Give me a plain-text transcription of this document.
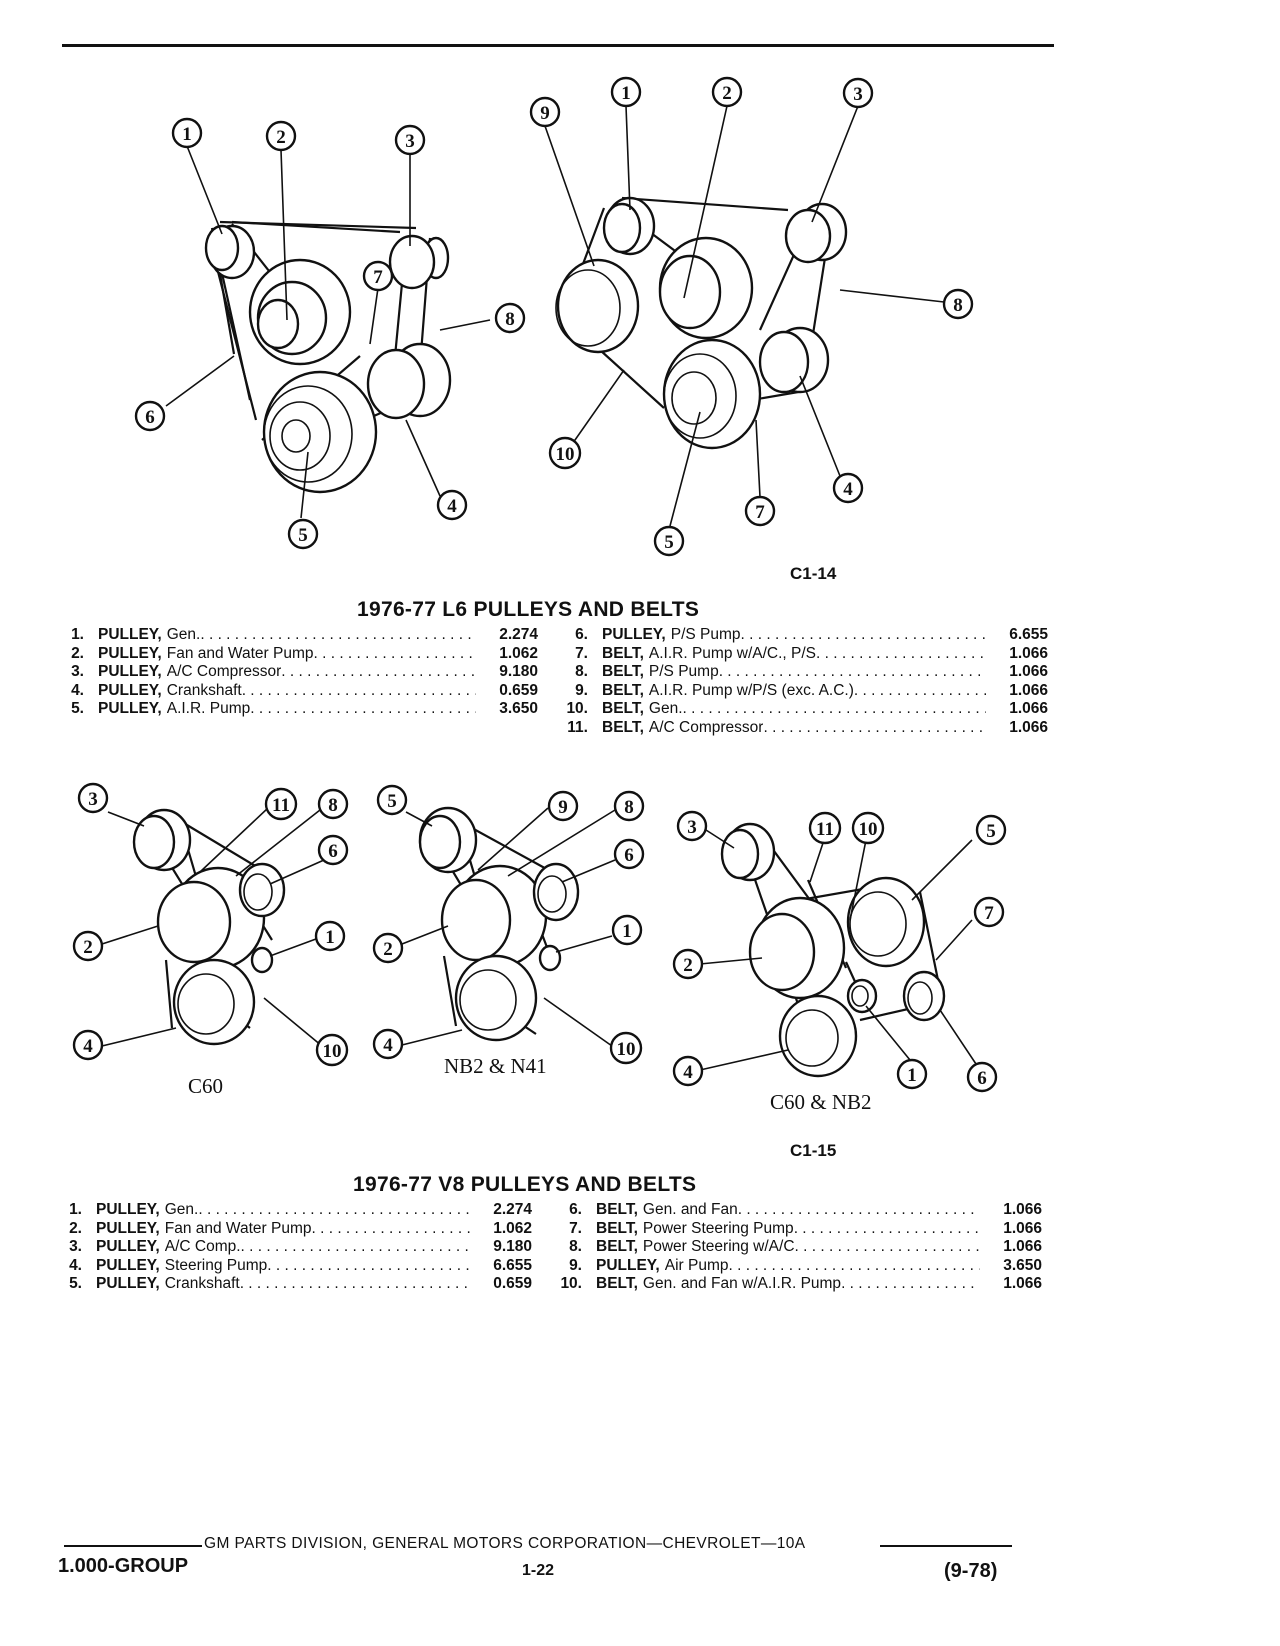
1	2	3
7
8
6
4
5
9
1	2	3
8
10
4
7
5
C1-14
1976-77 L6 PULLEYS AND BELTS
1. PULLEY, Gen. . . .	2.274
2. PULLEY, Fan and Water Pump . . .	1.062
3. PULLEY, A/C Compressor . . .	9.180
4. PULLEY, Crankshaft . . .	0.659
5. PULLEY, A.I.R. Pump . . .	3.650
6. PULLEY, P/S Pump . . .	6.655
7. BELT, A.I.R. Pump w/A/C., P/S . . .	1.066
8. BELT, P/S Pump . . .	1.066
9. BELT, A.I.R. Pump w/P/S (exc. A.C.) . . .	1.066
10. BELT, Gen. . . .	1.066
11. BELT, A/C Compressor . . .	1.066
3	11 8
6
1
2
4	10
5	9	8
6
1
2
4	10
3	11 10	5
7
2
4	1	6
C60
NB2 & N41
C60 & NB2
C1-15
1976-77 V8 PULLEYS AND BELTS
1. PULLEY, Gen. . . .	2.274
2. PULLEY, Fan and Water Pump . . .	1.062
3. PULLEY, A/C Comp. . . .	9.180
4. PULLEY, Steering Pump . . .	6.655
5. PULLEY, Crankshaft . . .	0.659
6. BELT, Gen. and Fan . . .	1.066
7. BELT, Power Steering Pump . . .	1.066
8. BELT, Power Steering w/A/C . . .	1.066
9. PULLEY, Air Pump . . .	3.650
10. BELT, Gen. and Fan w/A.I.R. Pump . . .	1.066
GM PARTS DIVISION, GENERAL MOTORS CORPORATION—CHEVROLET—10A
1.000-GROUP	1-22	(9-78)
